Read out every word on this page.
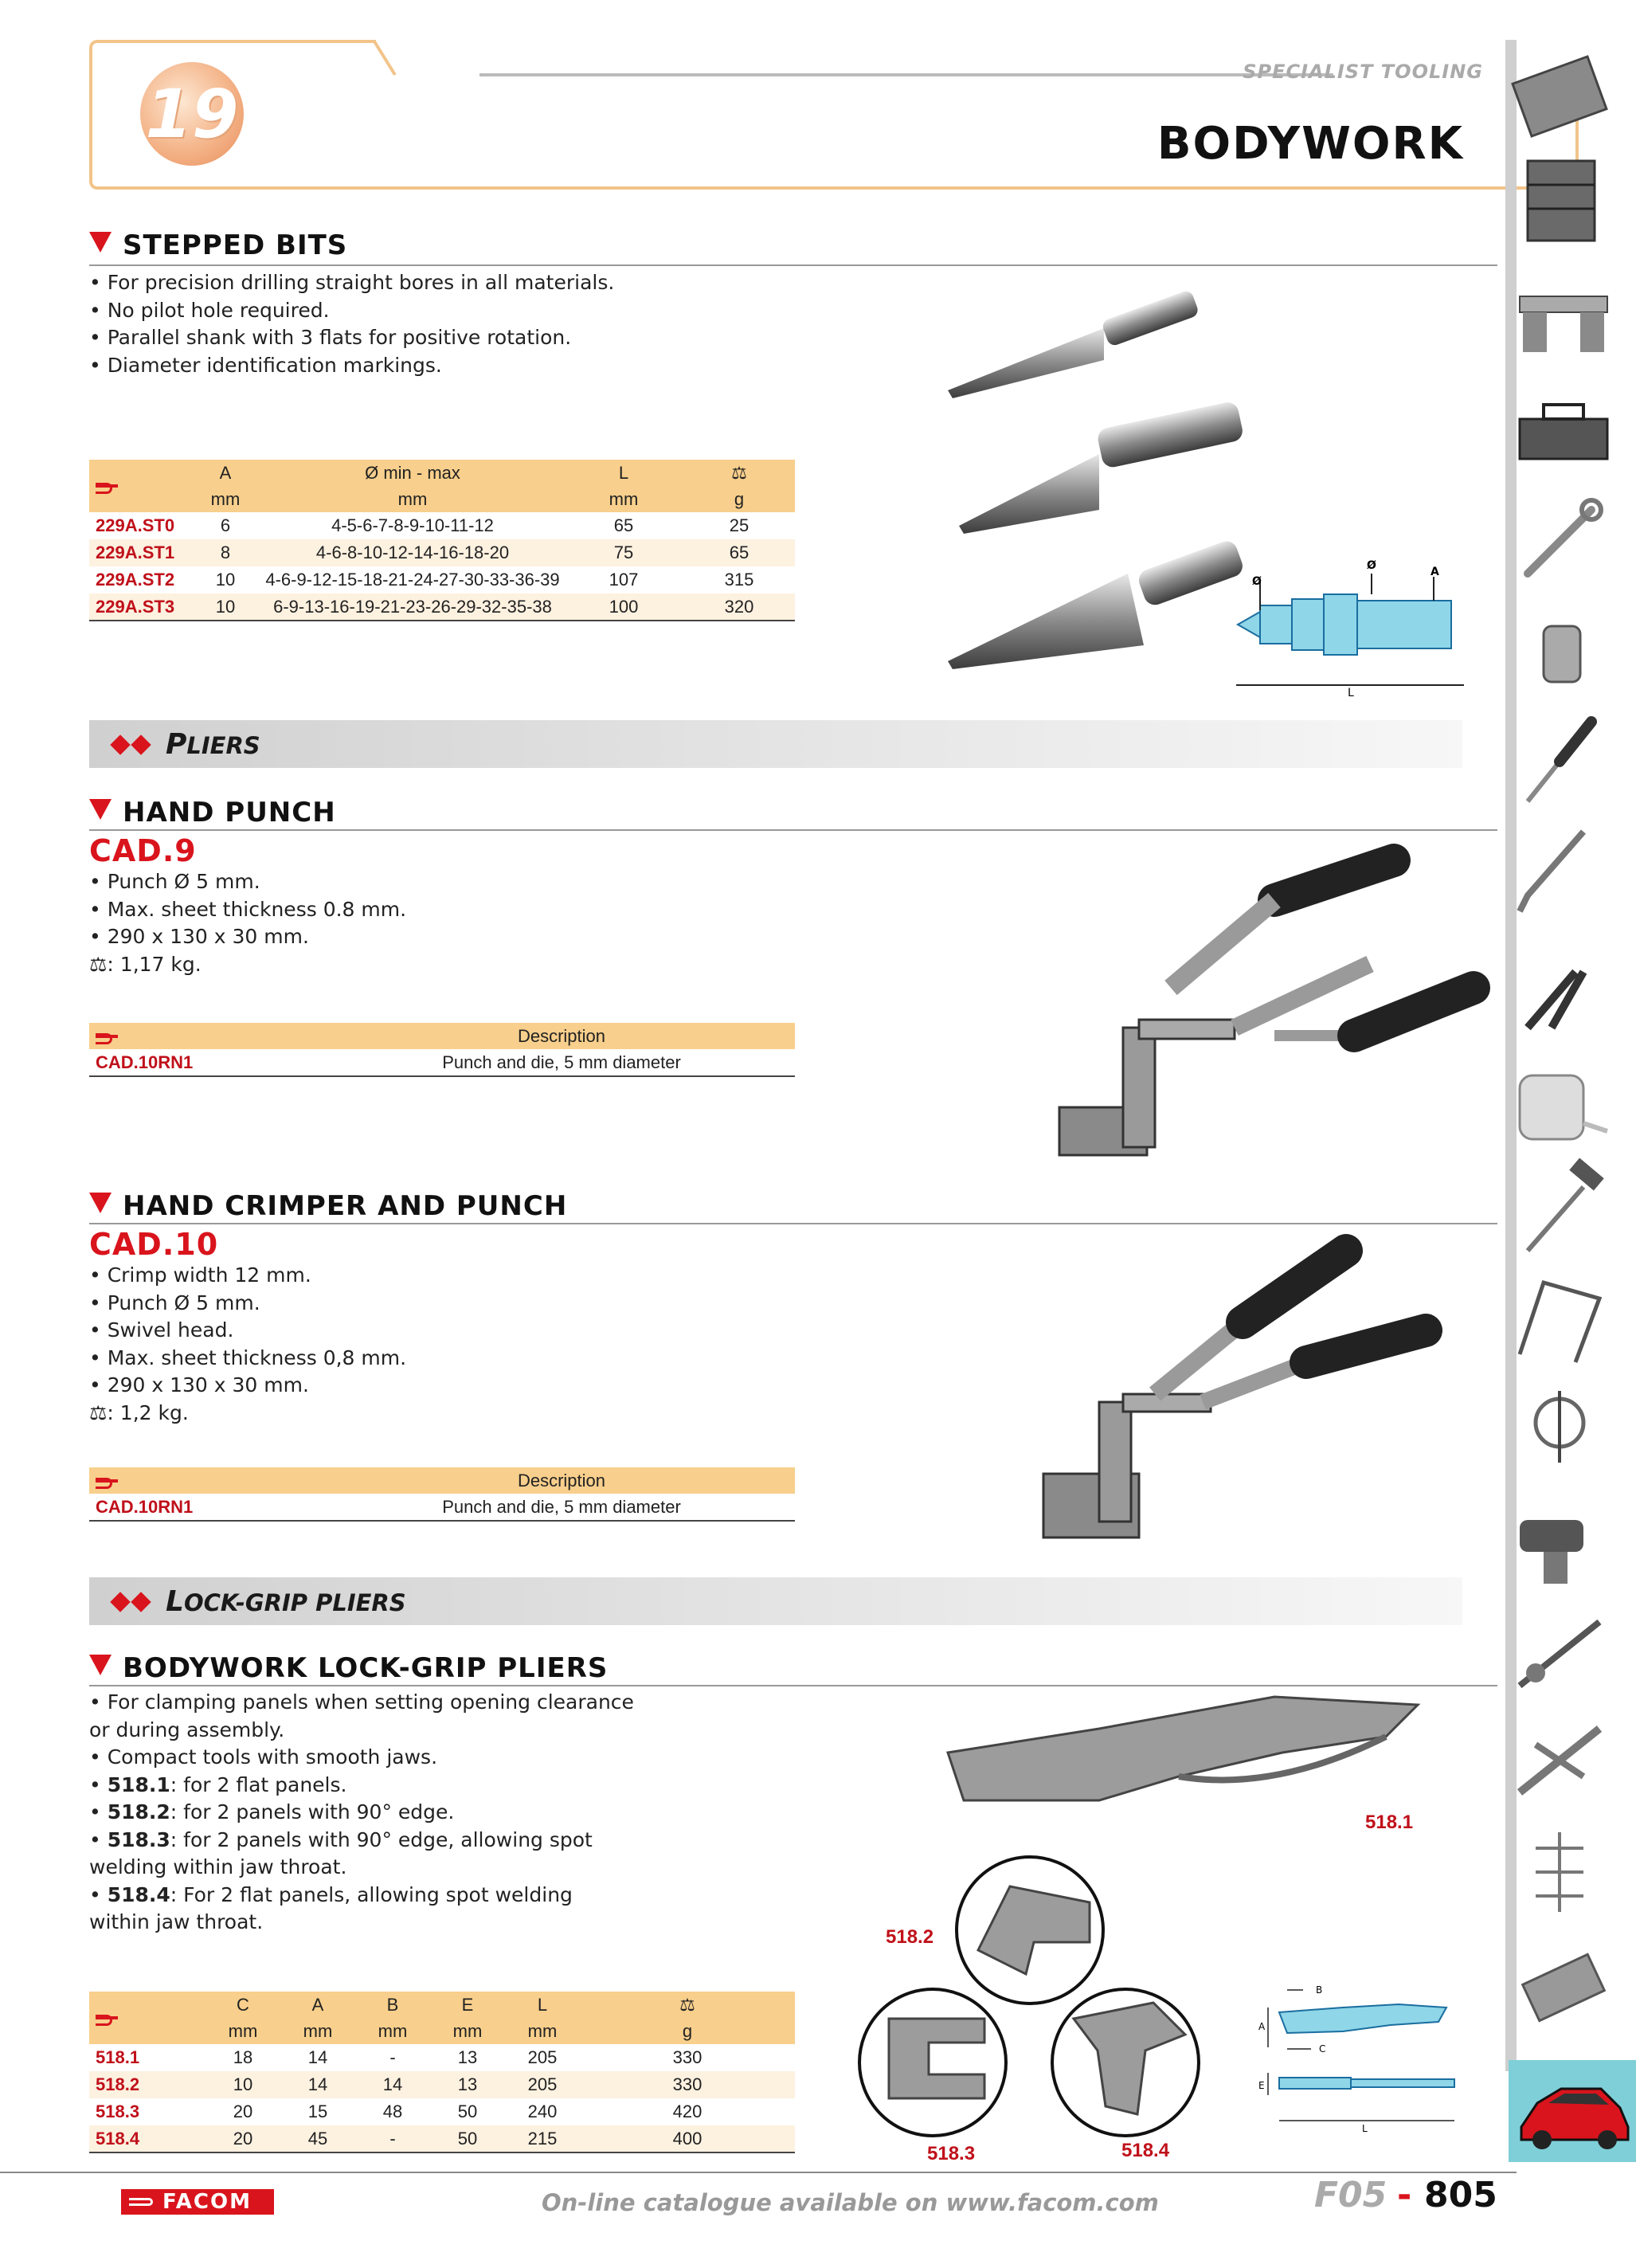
19
SPECIALIST TOOLING
BODYWORK
STEPPED BITS
• For precision drilling straight bores in all materials.
• No pilot hole required.
• Parallel shank with 3 flats for positive rotation.
• Diameter identification markings.
	A	Ø min - max	L	⚖
	mm	mm	mm	g
229A.ST0	6	4-5-6-7-8-9-10-11-12	65	25
229A.ST1	8	4-6-8-10-12-14-16-18-20	75	65
229A.ST2	10	4-6-9-12-15-18-21-24-27-30-33-36-39	107	315
229A.ST3	10	6-9-13-16-19-21-23-26-29-32-35-38	100	320
Ø
Ø	A
L
PLIERS
HAND PUNCH
CAD.9
• Punch Ø 5 mm.
• Max. sheet thickness 0.8 mm.
• 290 x 130 x 30 mm.
⚖: 1,17 kg.
	Description
CAD.10RN1	Punch and die, 5 mm diameter
HAND CRIMPER AND PUNCH
CAD.10
• Crimp width 12 mm.
• Punch Ø 5 mm.
• Swivel head.
• Max. sheet thickness 0,8 mm.
• 290 x 130 x 30 mm.
⚖: 1,2 kg.
	Description
CAD.10RN1	Punch and die, 5 mm diameter
LOCK-GRIP PLIERS
BODYWORK LOCK-GRIP PLIERS
• For clamping panels when setting opening clearance
or during assembly.
• Compact tools with smooth jaws.
• 518.1: for 2 flat panels.
• 518.2: for 2 panels with 90° edge.
• 518.3: for 2 panels with 90° edge, allowing spot
welding within jaw throat.
• 518.4: For 2 flat panels, allowing spot welding
within jaw throat.
	C	A	B	E	L	⚖
	mm	mm	mm	mm	mm	g
518.1	18	14	-	13	205	330
518.2	10	14	14	13	205	330
518.3	20	15	48	50	240	420
518.4	20	45	-	50	215	400
518.1
518.2
518.3	518.4
B
A
C
E
L
FACOM	On-line catalogue available on www.facom.com	F05 - 805
